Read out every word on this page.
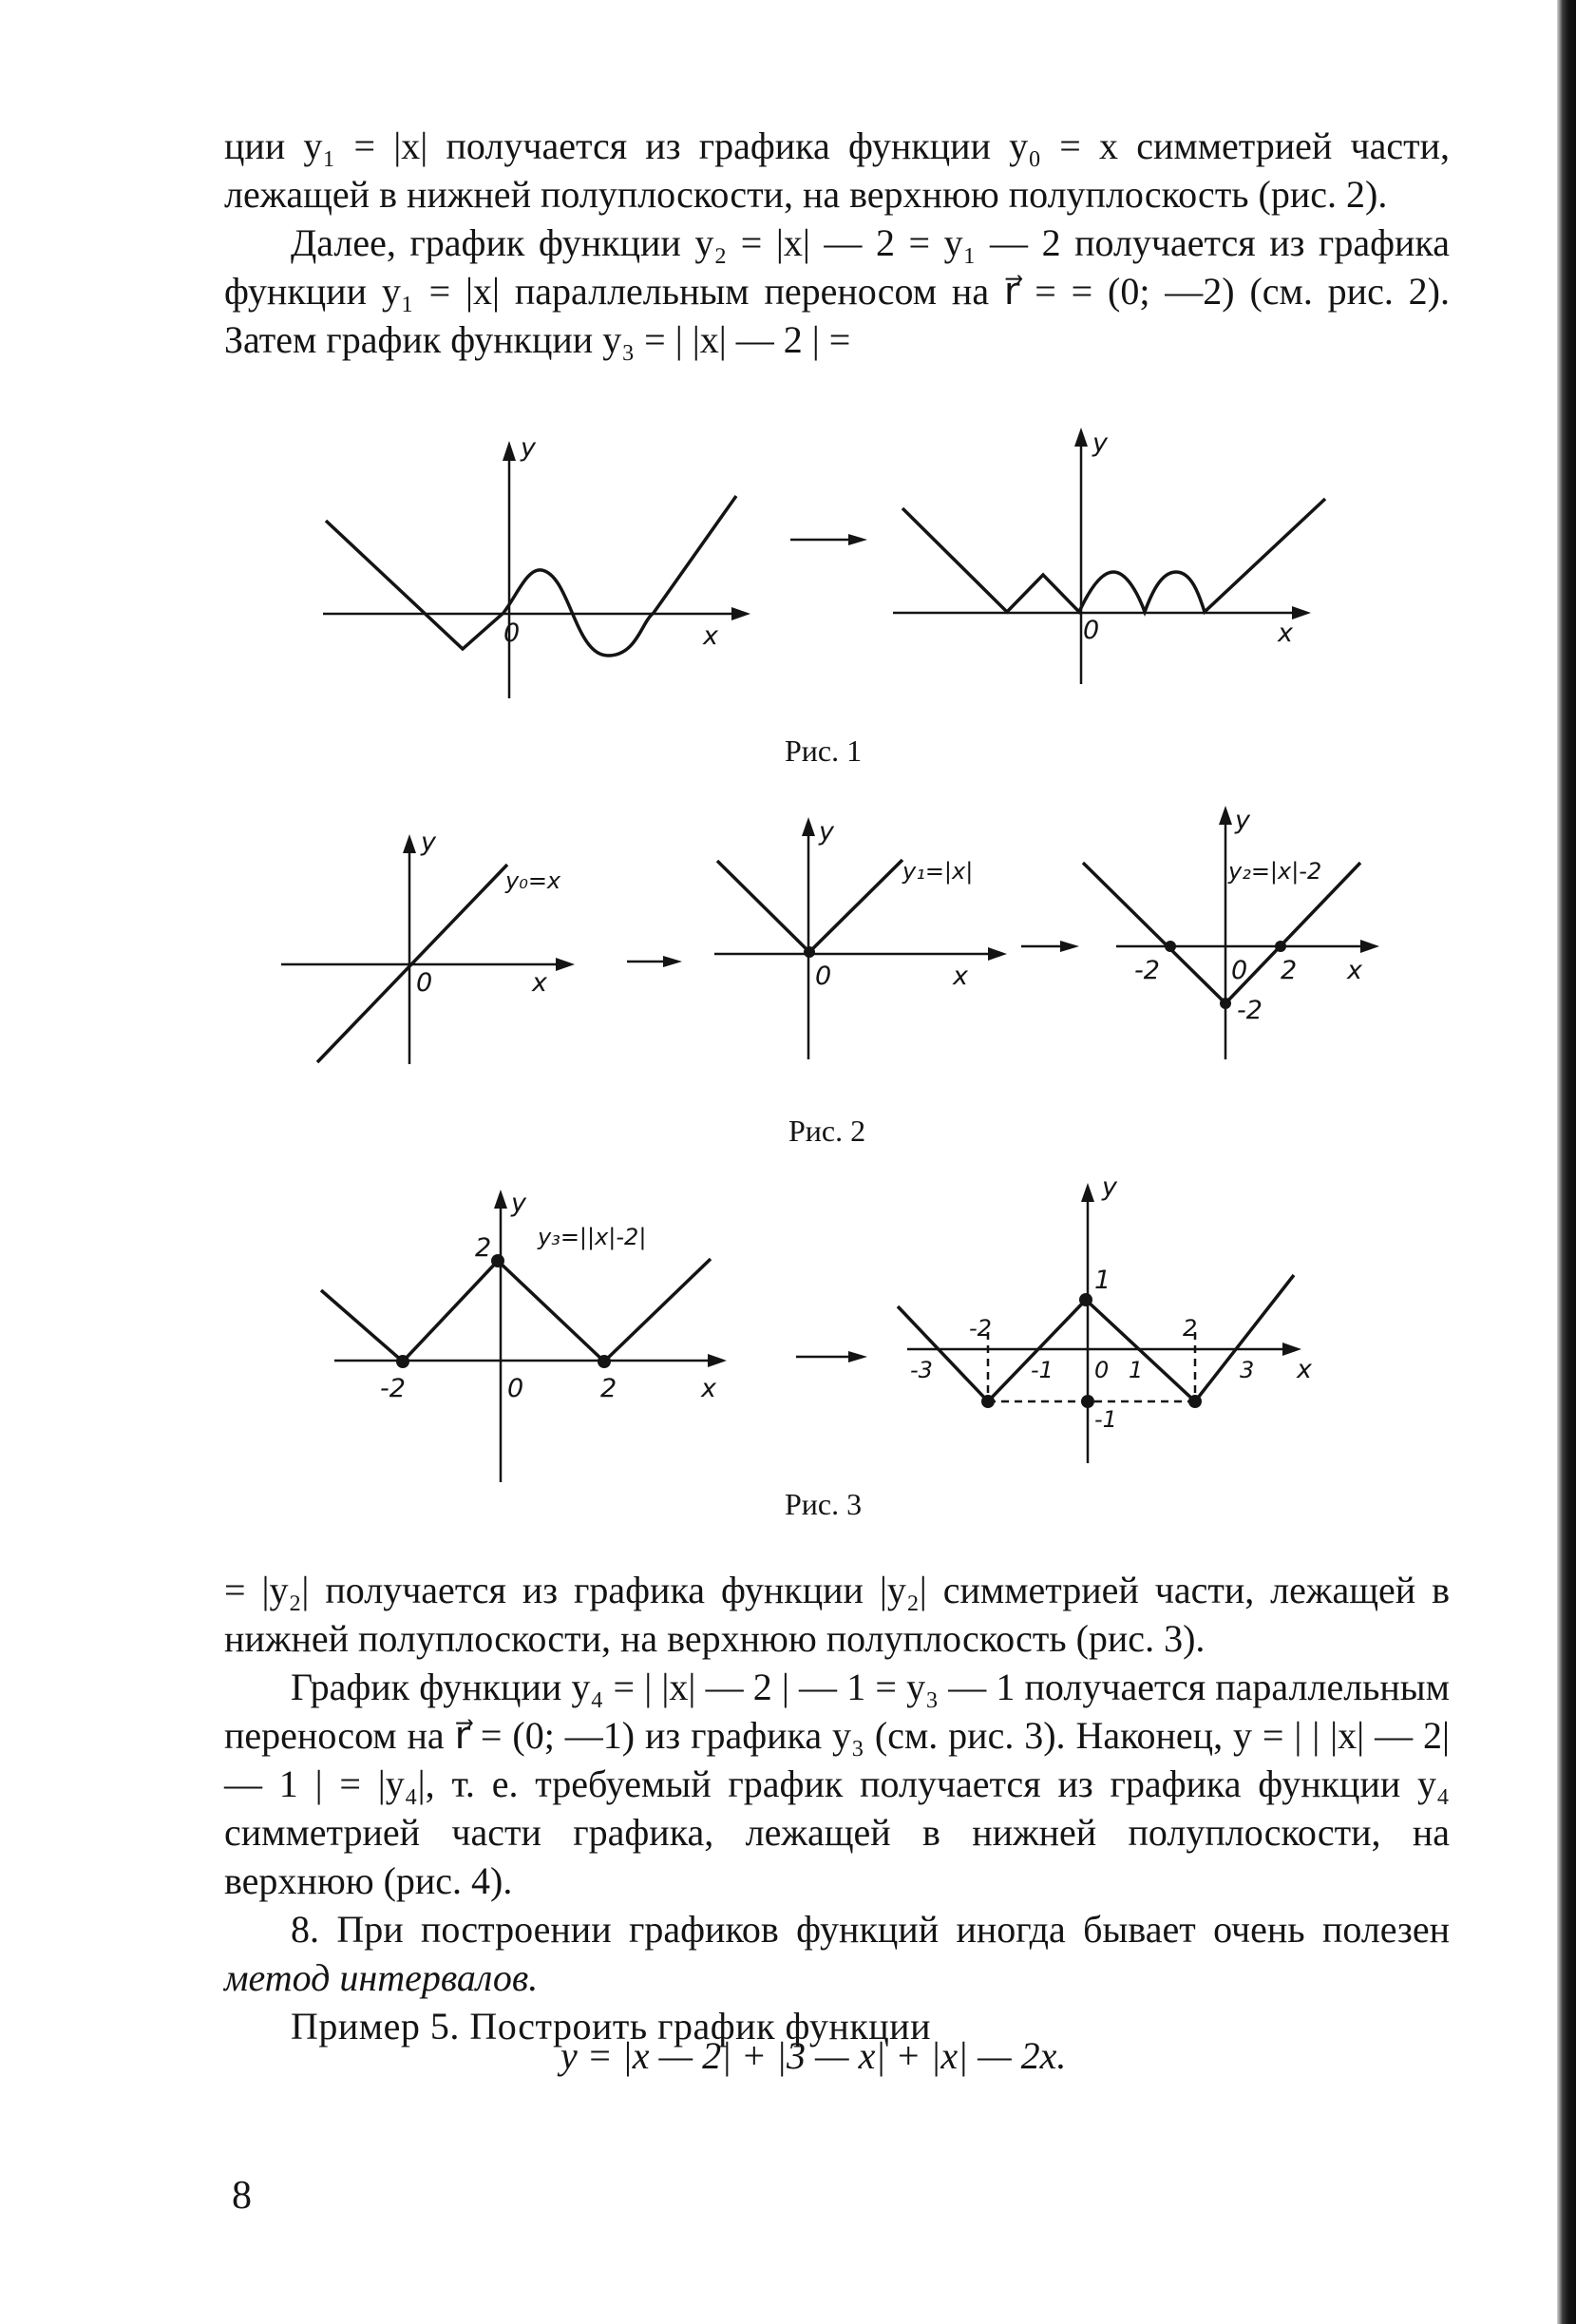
ции y₁ = |x| получается из графика функции y₀ = x симметрией части, лежащей в нижней полуплоскости, на верхнюю полуплоскость (рис. 2).

Далее, график функции y₂ = |x| — 2 = y₁ — 2 получается из графика функции y₁ = |x| параллельным переносом на r⃗ = = (0; —2) (см. рис. 2). Затем график функции y₃ = | |x| — 2 | =

y
0	x
y
0	x
Рис. 1
y
y₀=x
0	x
y
y₁=|x|
0	x
y
y₂=|x|-2
-2	0 2
-2
x
Рис. 2
y
2 y₃=||x|-2|
-2	0	2	x
y
1
-2	2
-3	-1 0 1	3
-1
x
Рис. 3

= |y₂| получается из графика функции |y₂| симметрией части, лежащей в нижней полуплоскости, на верхнюю полуплоскость (рис. 3).

График функции y₄ = | |x| — 2 | — 1 = y₃ — 1 получается параллельным переносом на r⃗ = (0; —1) из графика y₃ (см. рис. 3). Наконец, y = | | |x| — 2| — 1 | = |y₄|, т. е. требуемый график получается из графика функции y₄ симметрией части графика, лежащей в нижней полуплоскости, на верхнюю (рис. 4).

8. При построении графиков функций иногда бывает очень полезен метод интервалов.

Пример 5. Построить график функции

y = |x — 2| + |3 — x| + |x| — 2x.
8
